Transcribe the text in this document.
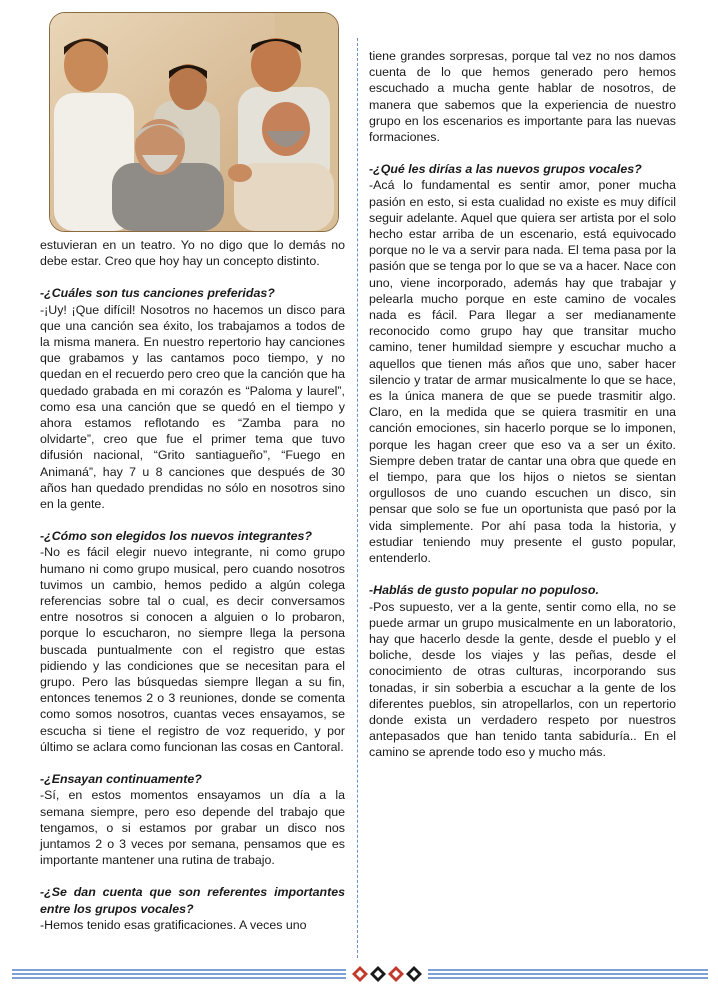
estuvieran en un teatro. Yo no digo que lo demás no debe estar. Creo que hoy hay un concepto distinto.

-¿Cuáles son tus canciones preferidas?

-¡Uy! ¡Que difícil! Nosotros no hacemos un disco para que una canción sea éxito, los trabajamos a todos de la misma manera. En nuestro repertorio hay canciones que grabamos y las cantamos poco tiempo, y no quedan en el recuerdo pero creo que la canción que ha quedado grabada en mi corazón es “Paloma y laurel”, como esa una canción que se quedó en el tiempo y ahora estamos reflotando es “Zamba para no olvidarte”, creo que fue el primer tema que tuvo difusión nacional, “Grito santiagueño”, “Fuego en Animaná”, hay 7 u 8 canciones que después de 30 años han quedado prendidas no sólo en nosotros sino en la gente.

-¿Cómo son elegidos los nuevos integrantes?

-No es fácil elegir nuevo integrante, ni como grupo humano ni como grupo musical, pero cuando nosotros tuvimos un cambio, hemos pedido a algún colega referencias sobre tal o cual, es decir conversamos entre nosotros si conocen a alguien o lo probaron, porque lo escucharon, no siempre llega la persona buscada puntualmente con el registro que estas pidiendo y las condiciones que se necesitan para el grupo. Pero las búsquedas siempre llegan a su fin, entonces tenemos 2 o 3 reuniones, donde se comenta como somos nosotros, cuantas veces ensayamos, se escucha si tiene el registro de voz requerido, y por último se aclara como funcionan las cosas en Cantoral.

-¿Ensayan continuamente?

-Sí, en estos momentos ensayamos un día a la semana siempre, pero eso depende del trabajo que tengamos, o si estamos por grabar un disco nos juntamos 2 o 3 veces por semana, pensamos que es importante mantener una rutina de trabajo.

-¿Se dan cuenta que son referentes importantes entre los grupos vocales?

-Hemos tenido esas gratificaciones. A veces uno

tiene grandes sorpresas, porque tal vez no nos damos cuenta de lo que hemos generado pero hemos escuchado a mucha gente hablar de nosotros, de manera que sabemos que la experiencia de nuestro grupo en los escenarios es importante para las nuevas formaciones.

-¿Qué les dirías a las nuevos grupos vocales?

-Acá lo fundamental es sentir amor, poner mucha pasión en esto, si esta cualidad no existe es muy difícil seguir adelante. Aquel que quiera ser artista por el solo hecho estar arriba de un escenario, está equivocado porque no le va a servir para nada. El tema pasa por la pasión que se tenga por lo que se va a hacer. Nace con uno, viene incorporado, además hay que trabajar y pelearla mucho porque en este camino de vocales nada es fácil. Para llegar a ser medianamente reconocido como grupo hay que transitar mucho camino, tener humildad siempre y escuchar mucho a aquellos que tienen más años que uno, saber hacer silencio y tratar de armar musicalmente lo que se hace, es la única manera de que se puede trasmitir algo. Claro, en la medida que se quiera trasmitir en una canción emociones, sin hacerlo porque se lo imponen, porque les hagan creer que eso va a ser un éxito. Siempre deben tratar de cantar una obra que quede en el tiempo, para que los hijos o nietos se sientan orgullosos de uno cuando escuchen un disco, sin pensar que solo se fue un oportunista que pasó por la vida simplemente. Por ahí pasa toda la historia, y estudiar teniendo muy presente el gusto popular, entenderlo.

-Hablás de gusto popular no populoso.

-Pos supuesto, ver a la gente, sentir como ella, no se puede armar un grupo musicalmente en un laboratorio, hay que hacerlo desde la gente, desde el pueblo y el boliche, desde los viajes y las peñas, desde el conocimiento de otras culturas, incorporando sus tonadas, ir sin soberbia a escuchar a la gente de los diferentes pueblos, sin atropellarlos, con un repertorio donde exista un verdadero respeto por nuestros antepasados que han tenido tanta sabiduría.. En el camino se aprende todo eso y mucho más.
